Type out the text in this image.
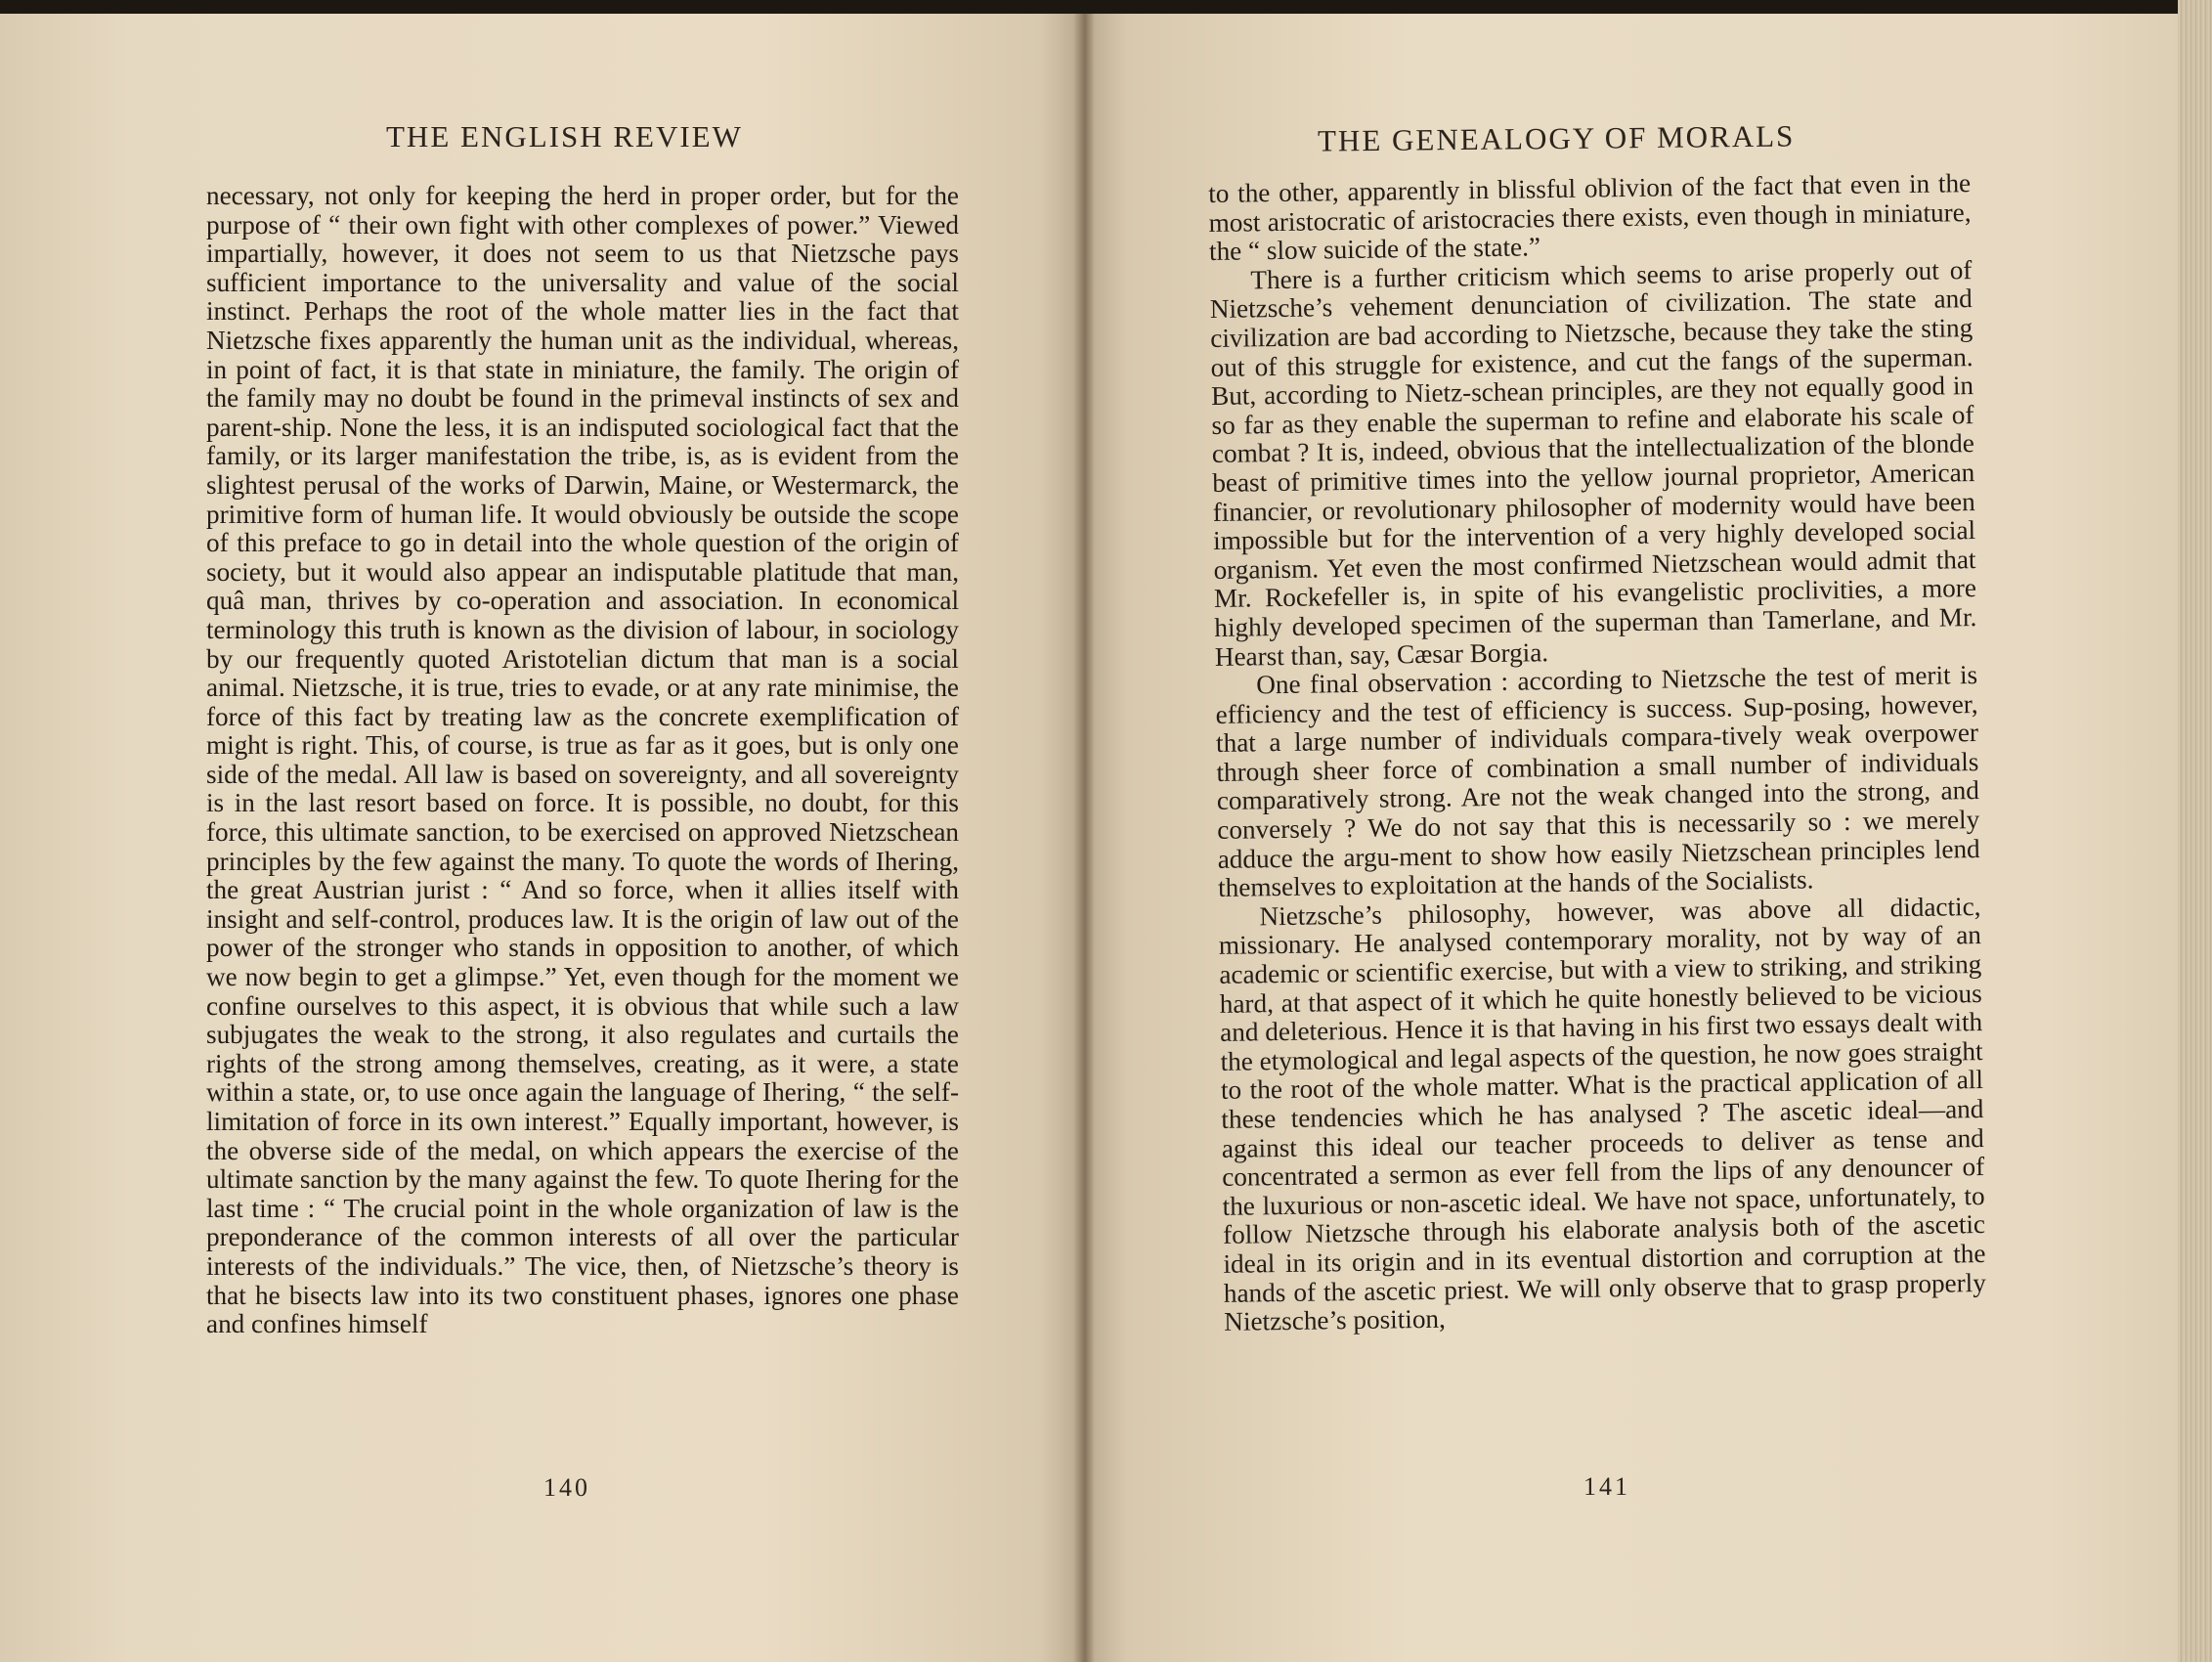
THE ENGLISH REVIEW

necessary, not only for keeping the herd in proper order, but for the purpose of “ their own fight with other complexes of power.” Viewed impartially, however, it does not seem to us that Nietzsche pays sufficient importance to the universality and value of the social instinct. Perhaps the root of the whole matter lies in the fact that Nietzsche fixes apparently the human unit as the individual, whereas, in point of fact, it is that state in miniature, the family. The origin of the family may no doubt be found in the primeval instincts of sex and parent-ship. None the less, it is an indisputed sociological fact that the family, or its larger manifestation the tribe, is, as is evident from the slightest perusal of the works of Darwin, Maine, or Westermarck, the primitive form of human life. It would obviously be outside the scope of this preface to go in detail into the whole question of the origin of society, but it would also appear an indisputable platitude that man, quâ man, thrives by co-operation and association. In economical terminology this truth is known as the division of labour, in sociology by our frequently quoted Aristotelian dictum that man is a social animal. Nietzsche, it is true, tries to evade, or at any rate minimise, the force of this fact by treating law as the concrete exemplification of might is right. This, of course, is true as far as it goes, but is only one side of the medal. All law is based on sovereignty, and all sovereignty is in the last resort based on force. It is possible, no doubt, for this force, this ultimate sanction, to be exercised on approved Nietzschean principles by the few against the many. To quote the words of Ihering, the great Austrian jurist : “ And so force, when it allies itself with insight and self-control, produces law. It is the origin of law out of the power of the stronger who stands in opposition to another, of which we now begin to get a glimpse.” Yet, even though for the moment we confine ourselves to this aspect, it is obvious that while such a law subjugates the weak to the strong, it also regulates and curtails the rights of the strong among themselves, creating, as it were, a state within a state, or, to use once again the language of Ihering, “ the self-limitation of force in its own interest.” Equally important, however, is the obverse side of the medal, on which appears the exercise of the ultimate sanction by the many against the few. To quote Ihering for the last time : “ The crucial point in the whole organization of law is the preponderance of the common interests of all over the particular interests of the individuals.” The vice, then, of Nietzsche’s theory is that he bisects law into its two constituent phases, ignores one phase and confines himself

140
THE GENEALOGY OF MORALS

to the other, apparently in blissful oblivion of the fact that even in the most aristocratic of aristocracies there exists, even though in miniature, the “ slow suicide of the state.”

There is a further criticism which seems to arise properly out of Nietzsche’s vehement denunciation of civilization. The state and civilization are bad according to Nietzsche, because they take the sting out of this struggle for existence, and cut the fangs of the superman. But, according to Nietz-schean principles, are they not equally good in so far as they enable the superman to refine and elaborate his scale of combat ? It is, indeed, obvious that the intellectualization of the blonde beast of primitive times into the yellow journal proprietor, American financier, or revolutionary philosopher of modernity would have been impossible but for the intervention of a very highly developed social organism. Yet even the most confirmed Nietzschean would admit that Mr. Rockefeller is, in spite of his evangelistic proclivities, a more highly developed specimen of the superman than Tamerlane, and Mr. Hearst than, say, Cæsar Borgia.

One final observation : according to Nietzsche the test of merit is efficiency and the test of efficiency is success. Sup-posing, however, that a large number of individuals compara-tively weak overpower through sheer force of combination a small number of individuals comparatively strong. Are not the weak changed into the strong, and conversely ? We do not say that this is necessarily so : we merely adduce the argu-ment to show how easily Nietzschean principles lend themselves to exploitation at the hands of the Socialists.

Nietzsche’s philosophy, however, was above all didactic, missionary. He analysed contemporary morality, not by way of an academic or scientific exercise, but with a view to striking, and striking hard, at that aspect of it which he quite honestly believed to be vicious and deleterious. Hence it is that having in his first two essays dealt with the etymological and legal aspects of the question, he now goes straight to the root of the whole matter. What is the practical application of all these tendencies which he has analysed ? The ascetic ideal—and against this ideal our teacher proceeds to deliver as tense and concentrated a sermon as ever fell from the lips of any denouncer of the luxurious or non-ascetic ideal. We have not space, unfortunately, to follow Nietzsche through his elaborate analysis both of the ascetic ideal in its origin and in its eventual distortion and corruption at the hands of the ascetic priest. We will only observe that to grasp properly Nietzsche’s position,

141
